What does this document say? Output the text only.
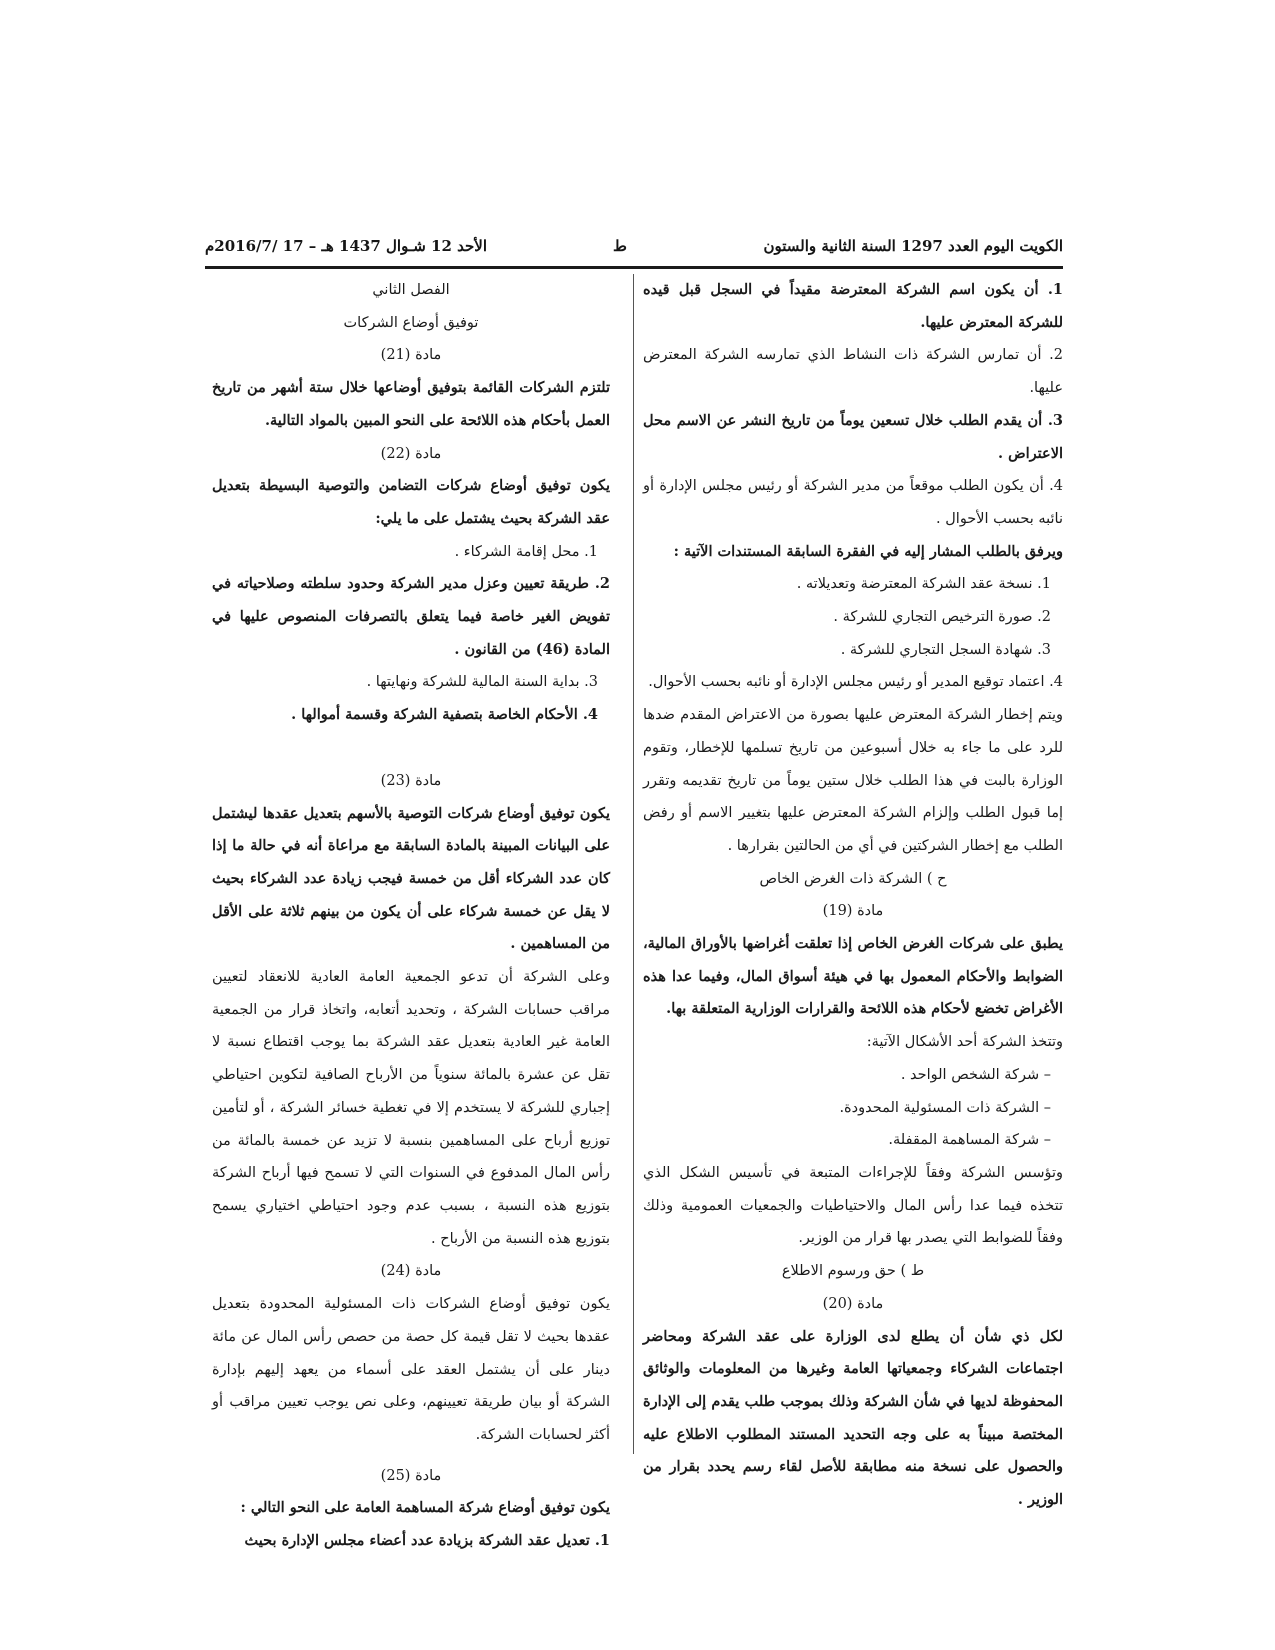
الكويت اليوم العدد 1297 السنة الثانية والستون
ط
الأحد 12 شـوال 1437 هـ – 17 /2016/7م

1. أن يكون اسم الشركة المعترضة مقيداً في السجل قبل قيده للشركة المعترض عليها.

2. أن تمارس الشركة ذات النشاط الذي تمارسه الشركة المعترض عليها.

3. أن يقدم الطلب خلال تسعين يوماً من تاريخ النشر عن الاسم محل الاعتراض .

4. أن يكون الطلب موقعاً من مدير الشركة أو رئيس مجلس الإدارة أو نائبه بحسب الأحوال .

ويرفق بالطلب المشار إليه في الفقرة السابقة المستندات الآتية :

1. نسخة عقد الشركة المعترضة وتعديلاته .

2. صورة الترخيص التجاري للشركة .

3. شهادة السجل التجاري للشركة .

4. اعتماد توقيع المدير أو رئيس مجلس الإدارة أو نائبه بحسب الأحوال.

ويتم إخطار الشركة المعترض عليها بصورة من الاعتراض المقدم ضدها للرد على ما جاء به خلال أسبوعين من تاريخ تسلمها للإخطار، وتقوم الوزارة بالبت في هذا الطلب خلال ستين يوماً من تاريخ تقديمه وتقرر إما قبول الطلب وإلزام الشركة المعترض عليها بتغيير الاسم أو رفض الطلب مع إخطار الشركتين في أي من الحالتين بقرارها .

ح ) الشركة ذات الغرض الخاص

مادة (19)

يطبق على شركات الغرض الخاص إذا تعلقت أغراضها بالأوراق المالية، الضوابط والأحكام المعمول بها في هيئة أسواق المال، وفيما عدا هذه الأغراض تخضع لأحكام هذه اللائحة والقرارات الوزارية المتعلقة بها.

وتتخذ الشركة أحد الأشكال الآتية:

– شركة الشخص الواحد .

– الشركة ذات المسئولية المحدودة.

– شركة المساهمة المقفلة.

وتؤسس الشركة وفقاً للإجراءات المتبعة في تأسيس الشكل الذي تتخذه فيما عدا رأس المال والاحتياطيات والجمعيات العمومية وذلك وفقاً للضوابط التي يصدر بها قرار من الوزير.

ط ) حق ورسوم الاطلاع

مادة (20)

لكل ذي شأن أن يطلع لدى الوزارة على عقد الشركة ومحاضر اجتماعات الشركاء وجمعياتها العامة وغيرها من المعلومات والوثائق المحفوظة لديها في شأن الشركة وذلك بموجب طلب يقدم إلى الإدارة المختصة مبيناً به على وجه التحديد المستند المطلوب الاطلاع عليه والحصول على نسخة منه مطابقة للأصل لقاء رسم يحدد بقرار من الوزير .

الفصل الثاني

توفيق أوضاع الشركات

مادة (21)

تلتزم الشركات القائمة بتوفيق أوضاعها خلال ستة أشهر من تاريخ العمل بأحكام هذه اللائحة على النحو المبين بالمواد التالية.

مادة (22)

يكون توفيق أوضاع شركات التضامن والتوصية البسيطة بتعديل عقد الشركة بحيث يشتمل على ما يلي:

1. محل إقامة الشركاء .

2. طريقة تعيين وعزل مدير الشركة وحدود سلطته وصلاحياته في تفويض الغير خاصة فيما يتعلق بالتصرفات المنصوص عليها في المادة (46) من القانون .

3. بداية السنة المالية للشركة ونهايتها .

4. الأحكام الخاصة بتصفية الشركة وقسمة أموالها .

مادة (23)

يكون توفيق أوضاع شركات التوصية بالأسهم بتعديل عقدها ليشتمل على البيانات المبينة بالمادة السابقة مع مراعاة أنه في حالة ما إذا كان عدد الشركاء أقل من خمسة فيجب زيادة عدد الشركاء بحيث لا يقل عن خمسة شركاء على أن يكون من بينهم ثلاثة على الأقل من المساهمين .

وعلى الشركة أن تدعو الجمعية العامة العادية للانعقاد لتعيين مراقب حسابات الشركة ، وتحديد أتعابه، واتخاذ قرار من الجمعية العامة غير العادية بتعديل عقد الشركة بما يوجب اقتطاع نسبة لا تقل عن عشرة بالمائة سنوياً من الأرباح الصافية لتكوين احتياطي إجباري للشركة لا يستخدم إلا في تغطية خسائر الشركة ، أو لتأمين توزيع أرباح على المساهمين بنسبة لا تزيد عن خمسة بالمائة من رأس المال المدفوع في السنوات التي لا تسمح فيها أرباح الشركة بتوزيع هذه النسبة ، بسبب عدم وجود احتياطي اختياري يسمح بتوزيع هذه النسبة من الأرباح .

مادة (24)

يكون توفيق أوضاع الشركات ذات المسئولية المحدودة بتعديل عقدها بحيث لا تقل قيمة كل حصة من حصص رأس المال عن مائة دينار على أن يشتمل العقد على أسماء من يعهد إليهم بإدارة الشركة أو بيان طريقة تعيينهم، وعلى نص يوجب تعيين مراقب أو أكثر لحسابات الشركة.

مادة (25)

يكون توفيق أوضاع شركة المساهمة العامة على النحو التالي :

1. تعديل عقد الشركة بزيادة عدد أعضاء مجلس الإدارة بحيث
